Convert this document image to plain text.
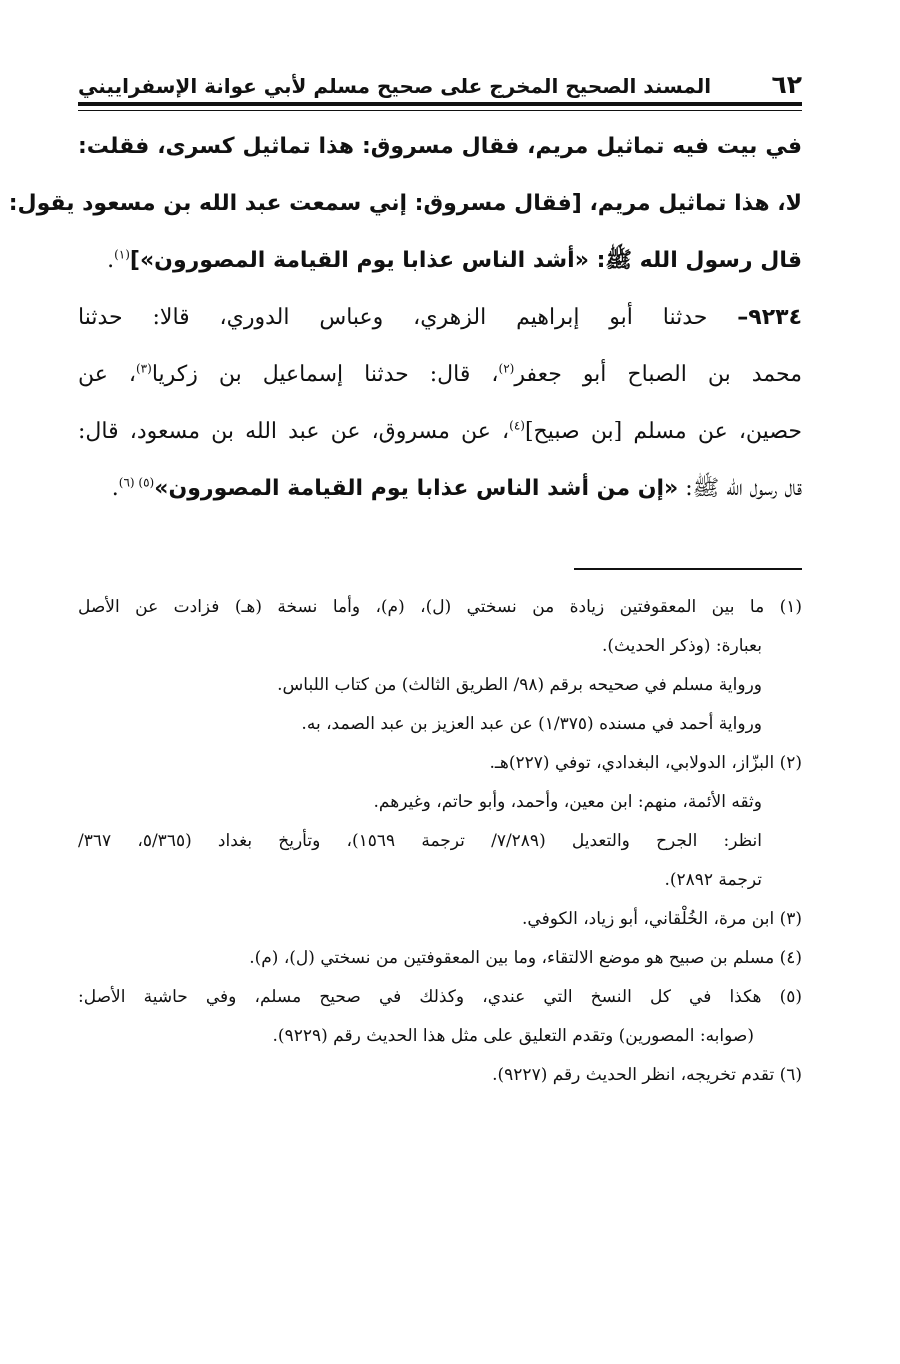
٦٢
المسند الصحيح المخرج على صحيح مسلم لأبي عوانة الإسفراييني
في بيت فيه تماثيل مريم، فقال مسروق: هذا تماثيل كسرى، فقلت:
لا، هذا تماثيل مريم، [فقال مسروق: إني سمعت عبد الله بن مسعود يقول:
قال رسول الله ﷺ: «أشد الناس عذابا يوم القيامة المصورون»]$^{(١)}$.
٩٢٣٤– حدثنا أبو إبراهيم الزهري، وعباس الدوري، قالا: حدثنا
محمد بن الصباح أبو جعفر$^{(٢)}$، قال: حدثنا إسماعيل بن زكريا$^{(٣)}$، عن
حصين، عن مسلم [بن صبيح]$^{(٤)}$، عن مسروق، عن عبد الله بن مسعود، قال:
قال رسول الله ﷺ: «إن من أشد الناس عذابا يوم القيامة المصورون»$^{(٥) (٦)}$.
(١) ما بين المعقوفتين زيادة من نسختي (ل)، (م)، وأما نسخة (هـ) فزادت عن الأصل
بعبارة: (وذكر الحديث).
ورواية مسلم في صحيحه برقم (٩٨/ الطريق الثالث) من كتاب اللباس.
ورواية أحمد في مسنده (١/٣٧٥) عن عبد العزيز بن عبد الصمد، به.
(٢) البزّاز، الدولابي، البغدادي، توفي (٢٢٧)هـ.
وثقه الأئمة، منهم: ابن معين، وأحمد، وأبو حاتم، وغيرهم.
انظر: الجرح والتعديل (٧/٢٨٩/ ترجمة ١٥٦٩)، وتأريخ بغداد (٥/٣٦٥، ٣٦٧/
ترجمة ٢٨٩٢).
(٣) ابن مرة، الخُلْقاني، أبو زياد، الكوفي.
(٤) مسلم بن صبيح هو موضع الالتقاء، وما بين المعقوفتين من نسختي (ل)، (م).
(٥) هكذا في كل النسخ التي عندي، وكذلك في صحيح مسلم، وفي حاشية الأصل:
(صوابه: المصورين) وتقدم التعليق على مثل هذا الحديث رقم (٩٢٢٩).
(٦) تقدم تخريجه، انظر الحديث رقم (٩٢٢٧).
